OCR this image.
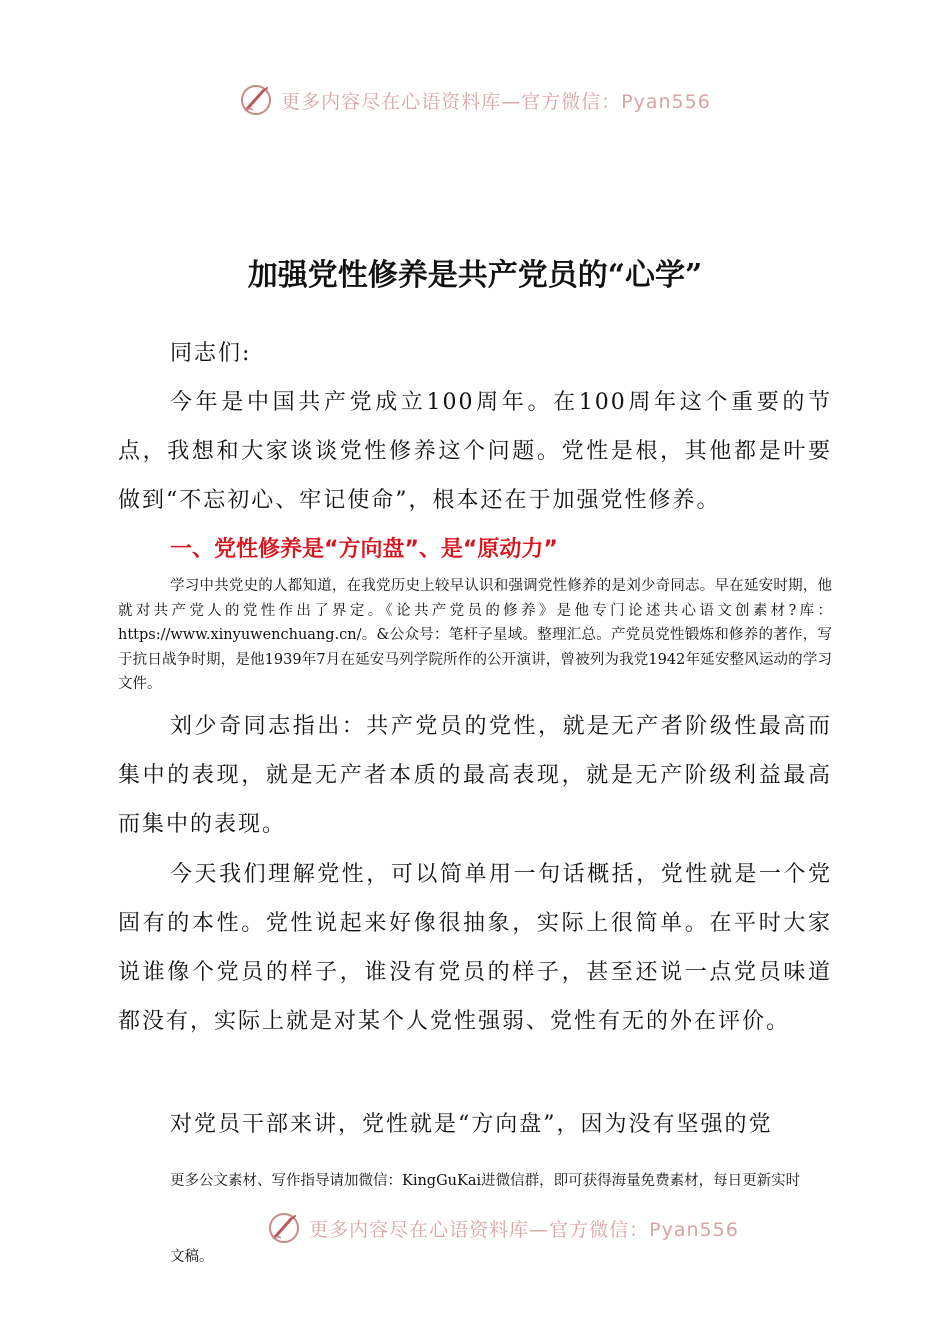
更多内容尽在心语资料库—官方微信：Pyan556
加强党性修养是共产党员的“心学”

同志们:

今年是中国共产党成立100周年。在100周年这个重要的节点，我想和大家谈谈党性修养这个问题。党性是根，其他都是叶要做到“不忘初心、牢记使命”，根本还在于加强党性修养。

一、党性修养是“方向盘”、是“原动力”

学习中共党史的人都知道，在我党历史上较早认识和强调党性修养的是刘少奇同志。早在延安时期，他就对共产党人的党性作出了界定。《论共产党员的修养》是他专门论述共心语文创素材?库：https://www.xinyuwenchuang.cn/。&公众号：笔杆子星域。整理汇总。产党员党性锻炼和修养的著作，写于抗日战争时期，是他1939年7月在延安马列学院所作的公开演讲，曾被列为我党1942年延安整风运动的学习文件。

刘少奇同志指出：共产党员的党性，就是无产者阶级性最高而集中的表现，就是无产者本质的最高表现，就是无产阶级利益最高而集中的表现。

今天我们理解党性，可以简单用一句话概括，党性就是一个党固有的本性。党性说起来好像很抽象，实际上很简单。在平时大家说谁像个党员的样子，谁没有党员的样子，甚至还说一点党员味道都没有，实际上就是对某个人党性强弱、党性有无的外在评价。

对党员干部来讲，党性就是“方向盘”，因为没有坚强的党

更多公文素材、写作指导请加微信：KingGuKai进微信群，即可获得海量免费素材，每日更新实时

更多内容尽在心语资料库—官方微信：Pyan556

文稿。
